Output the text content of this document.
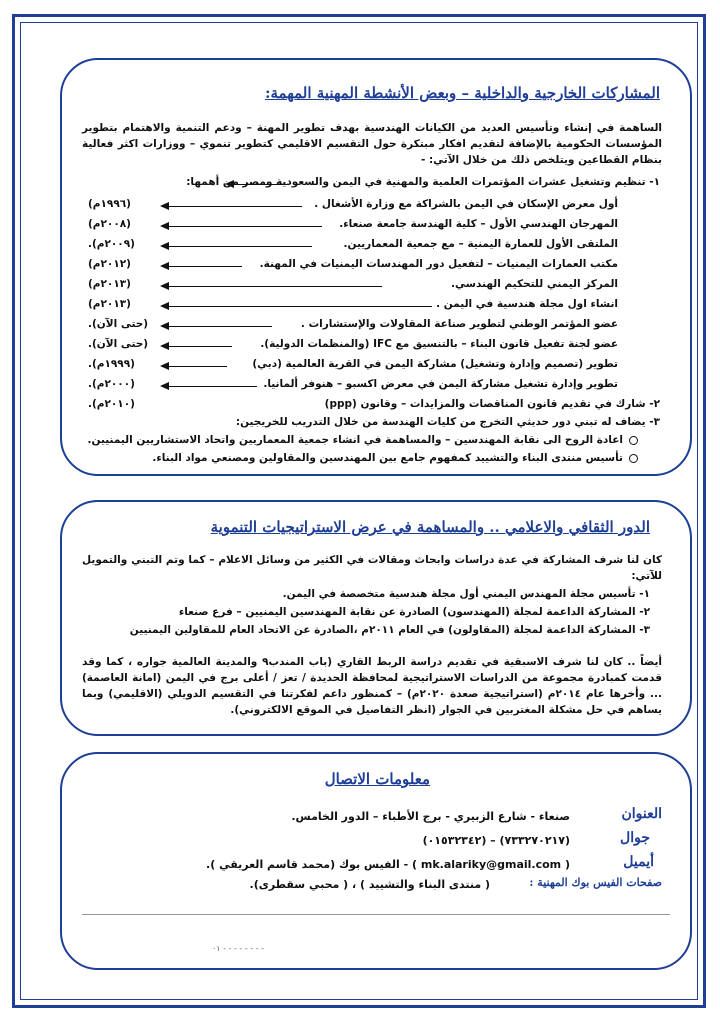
المشاركات الخارجية والداخلية – وبعض الأنشطة المهنية المهمة:
الساهمة في إنشاء وتأسيس العديد من الكيانات الهندسية بهدف تطوير المهنة – ودعم التنمية والاهتمام بتطوير المؤسسات الحكومية بالإضافة لتقديم افكار مبتكرة حول التقسيم الاقليمي كتطوير تنموي – ووزارات اكثر فعالية بنظام القطاعين ويتلخص ذلك من خلال الآتي: -
١- تنظيم وتشغيل عشرات المؤتمرات العلمية والمهنية في اليمن والسعودية ومصر من أهمها:
أول معرض الإسكان في اليمن بالشراكة مع وزارة الأشغال .
(١٩٩٦م)
المهرجان الهندسي الأول – كلية الهندسة جامعة صنعاء.
(٢٠٠٨م)
الملتقى الأول للعمارة اليمنية – مع جمعية المعماريين.
(٢٠٠٩م).
مكتب العمارات اليمنيات – لتفعيل دور المهندسات اليمنيات في المهنة.
(٢٠١٢م)
المركز اليمني للتحكيم الهندسي.
(٢٠١٣م)
انشاء اول مجلة هندسية في اليمن .
(٢٠١٣م)
عضو المؤتمر الوطني لتطوير صناعة المقاولات والإستشارات .
(حتى الآن).
عضو لجنة تفعيل قانون البناء – بالتنسيق مع IFC (والمنظمات الدولية).
(حتى الآن).
تطوير (تصميم وإدارة وتشغيل) مشاركة اليمن في القرية العالمية (دبي)
(١٩٩٩م).
تطوير وإدارة تشغيل مشاركة اليمن في معرض اكسبو – هنوفر ألمانيا.
(٢٠٠٠م).
٢- شارك في تقديم قانون المناقصات والمزايدات – وقانون (ppp)
(٢٠١٠م).
٣- يضاف له تبني دور حديثي التخرج من كليات الهندسة من خلال التدريب للخريجين:
اعادة الروح الى نقابة المهندسين – والمساهمة في انشاء جمعية المعماريين واتحاد الاستشاريين اليمنيين.
تأسيس منتدى البناء والتشييد كمفهوم جامع بين المهندسين والمقاولين ومصنعي مواد البناء.
الدور الثقافي والاعلامي .. والمساهمة في عرض الاستراتيجيات التنموية
كان لنا شرف المشاركة في عدة دراسات وابحاث ومقالات في الكثير من وسائل الاعلام – كما وتم التبني والتمويل للآتي:
١- تأسيس مجلة المهندس اليمني أول مجلة هندسية متخصصة في اليمن.
٢- المشاركة الداعمة لمجلة (المهندسون) الصادرة عن نقابة المهندسين اليمنيين – فرع صنعاء
٣- المشاركة الداعمة لمجلة (المقاولون) في العام ٢٠١١م ،الصادرة عن الاتحاد العام للمقاولين اليمنيين
أيضاً .. كان لنا شرف الاسبقية في تقديم دراسة الربط القاري (باب المندب٩ والمدينة العالمية جواره ، كما وقد قدمت كمبادرة مجموعة من الدراسات الاستراتيجية لمحافظة الحديدة / تعز / أعلى برج في اليمن (امانة العاصمة) ... وأخرها عام ٢٠١٤م (استراتيجية صعدة ٢٠٢٠م) – كمنظور داعم لفكرتنا في التقسيم الدويلي (الاقليمي) وبما يساهم في حل مشكلة المغتربين في الجوار (انظر التفاصيل في الموقع الالكتروني).
معلومات الاتصال
العنوان
صنعاء - شارع الزبيري - برج الأطباء – الدور الخامس.
جوال
(٧٣٣٢٧٠٢١٧) – (٠١٥٣٢٣٤٢)
أيميل
( mk.alariky@gmail.com ) - الفيس بوك (محمد قاسم العريقي ).
صفحات الفيس بوك المهنية :
( منتدى البناء والتشييد ) ، ( محبي سقطرى).
- - - - - - - - ٠١
